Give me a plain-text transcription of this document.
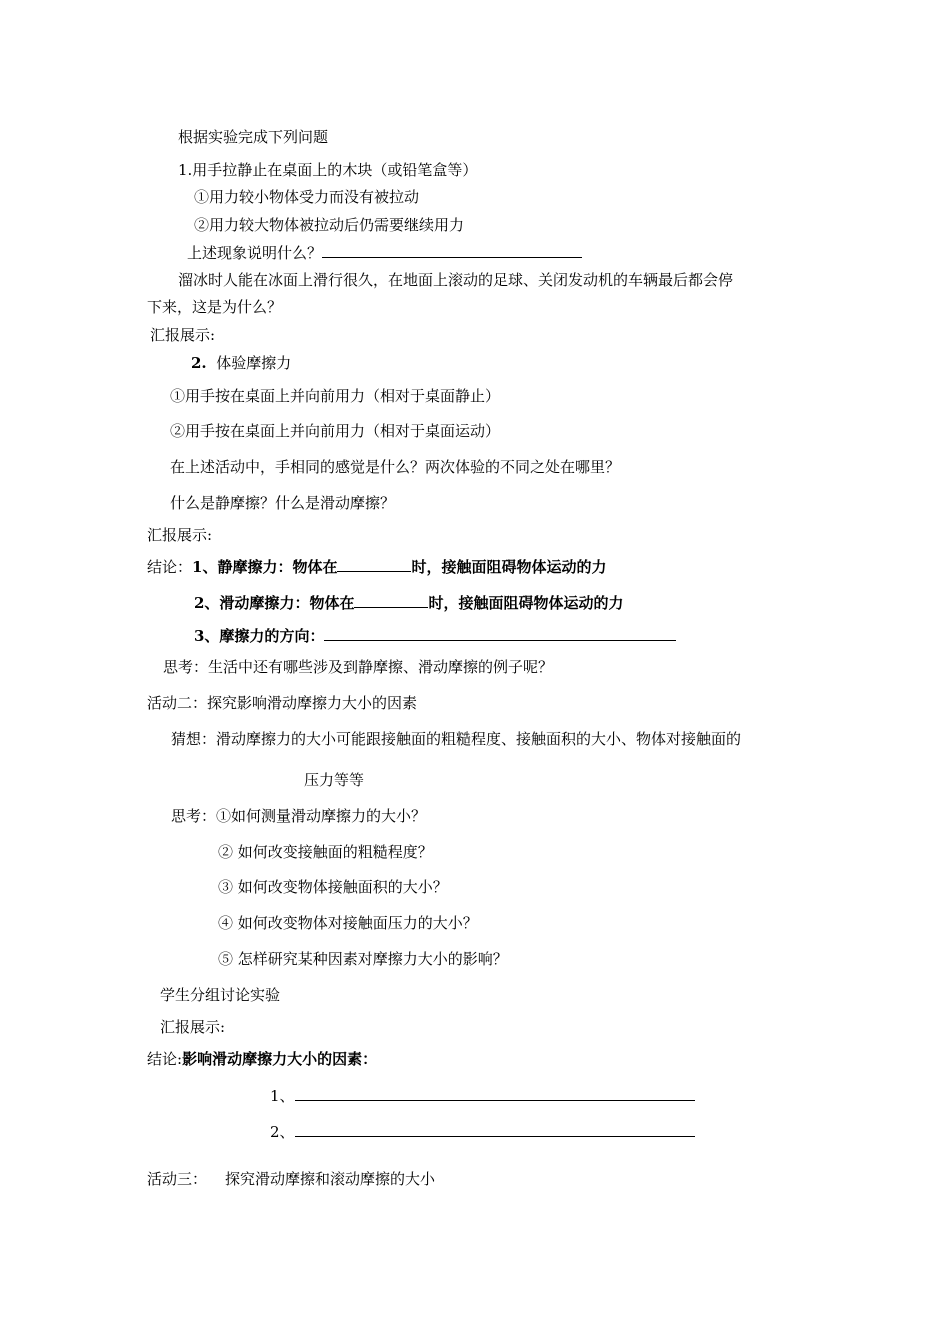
根据实验完成下列问题
1.用手拉静止在桌面上的木块（或铅笔盒等）
①用力较小物体受力而没有被拉动
②用力较大物体被拉动后仍需要继续用力
上述现象说明什么？
溜冰时人能在冰面上滑行很久，在地面上滚动的足球、关闭发动机的车辆最后都会停
下来，这是为什么？
汇报展示:
2. 体验摩擦力
①用手按在桌面上并向前用力（相对于桌面静止）
②用手按在桌面上并向前用力（相对于桌面运动）
在上述活动中，手相同的感觉是什么？两次体验的不同之处在哪里？
什么是静摩擦？什么是滑动摩擦？
汇报展示:
结论：1、静摩擦力：物体在	时，接触面阻碍物体运动的力
2、滑动摩擦力：物体在	时，接触面阻碍物体运动的力
3、摩擦力的方向：
思考：生活中还有哪些涉及到静摩擦、滑动摩擦的例子呢？
活动二：探究影响滑动摩擦力大小的因素
猜想：滑动摩擦力的大小可能跟接触面的粗糙程度、接触面积的大小、物体对接触面的
压力等等
思考：①如何测量滑动摩擦力的大小？
② 如何改变接触面的粗糙程度？
③ 如何改变物体接触面积的大小？
④ 如何改变物体对接触面压力的大小？
⑤ 怎样研究某种因素对摩擦力大小的影响？
学生分组讨论实验
汇报展示:
结论:影响滑动摩擦力大小的因素：
1、
2、
活动三： 探究滑动摩擦和滚动摩擦的大小
